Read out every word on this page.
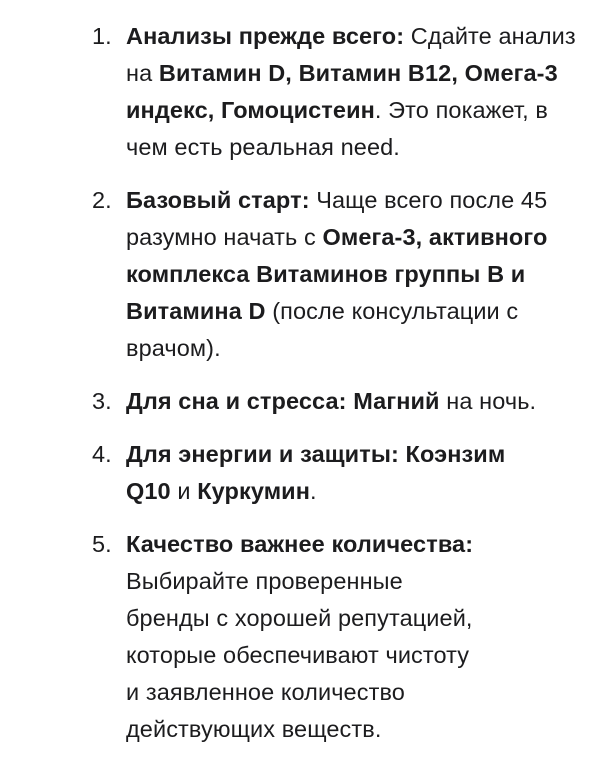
1. Анализы прежде всего: Сдайте анализ на Витамин D, Витамин B12, Омега-3 индекс, Гомоцистеин. Это покажет, в чем есть реальная need.
2. Базовый старт: Чаще всего после 45 разумно начать с Омега-3, активного комплекса Витаминов группы B и Витамина D (после консультации с врачом).
3. Для сна и стресса: Магний на ночь.
4. Для энергии и защиты: Коэнзим Q10 и Куркумин.
5. Качество важнее количества:
Выбирайте проверенные
бренды с хорошей репутацией,
которые обеспечивают чистоту
и заявленное количество
действующих веществ.
